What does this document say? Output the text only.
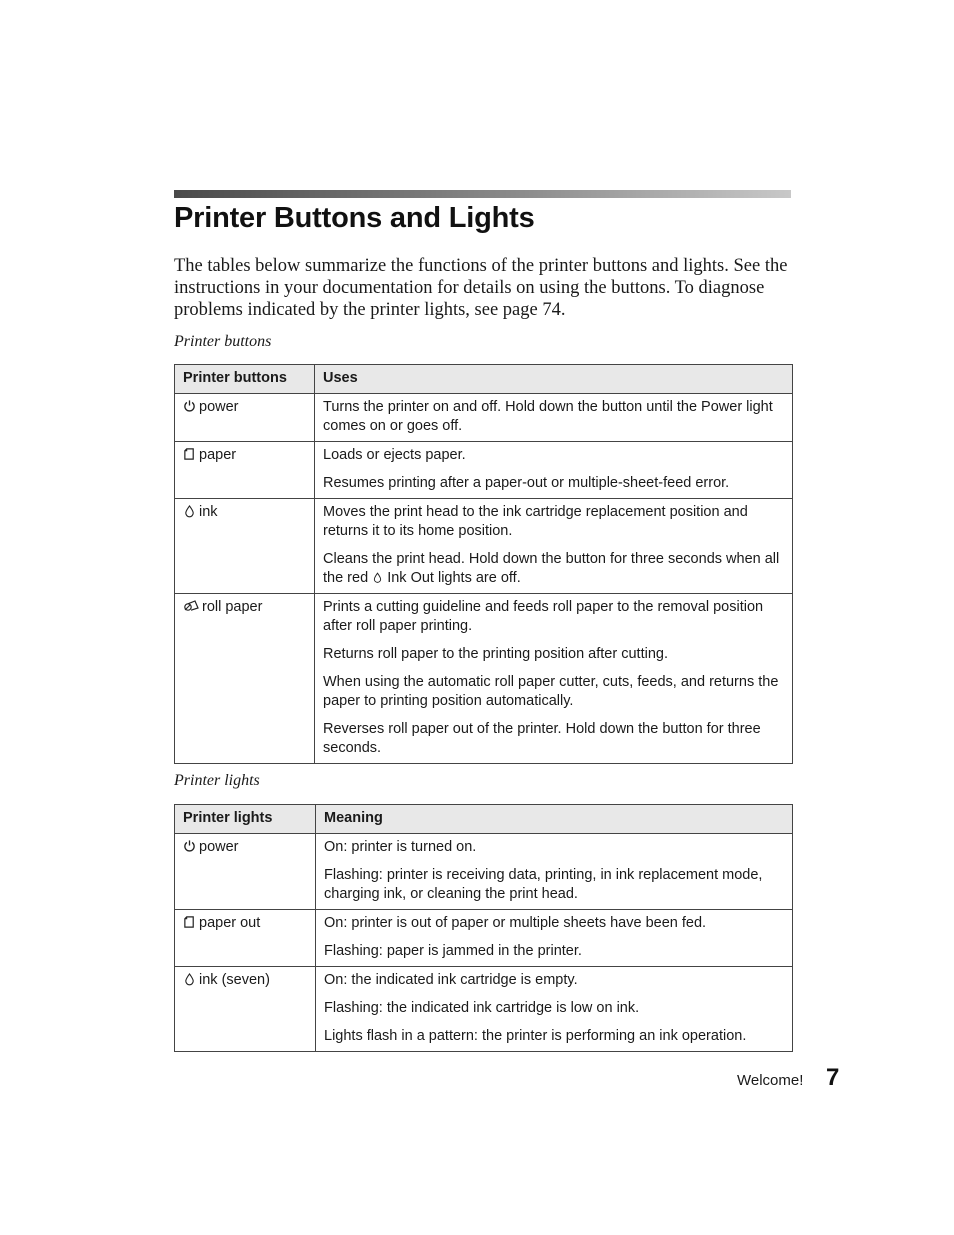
Printer Buttons and Lights

The tables below summarize the functions of the printer buttons and lights. See the instructions in your documentation for details on using the buttons. To diagnose problems indicated by the printer lights, see page 74.

Printer buttons

Printer buttons	Uses
power	Turns the printer on and off. Hold down the button until the Power light comes on or goes off.

paper	Loads or ejects paper.

Resumes printing after a paper-out or multiple-sheet-feed error.

ink	Moves the print head to the ink cartridge replacement position and returns it to its home position.

Cleans the print head. Hold down the button for three seconds when all the red  Ink Out lights are off.

roll paper	Prints a cutting guideline and feeds roll paper to the removal position after roll paper printing.

Returns roll paper to the printing position after cutting.

When using the automatic roll paper cutter, cuts, feeds, and returns the paper to printing position automatically.

Reverses roll paper out of the printer. Hold down the button for three seconds.

Printer lights

Printer lights	Meaning
power	On: printer is turned on.

Flashing: printer is receiving data, printing, in ink replacement mode, charging ink, or cleaning the print head.

paper out	On: printer is out of paper or multiple sheets have been fed.

Flashing: paper is jammed in the printer.

ink (seven)	On: the indicated ink cartridge is empty.

Flashing: the indicated ink cartridge is low on ink.

Lights flash in a pattern: the printer is performing an ink operation.

Welcome! 7
